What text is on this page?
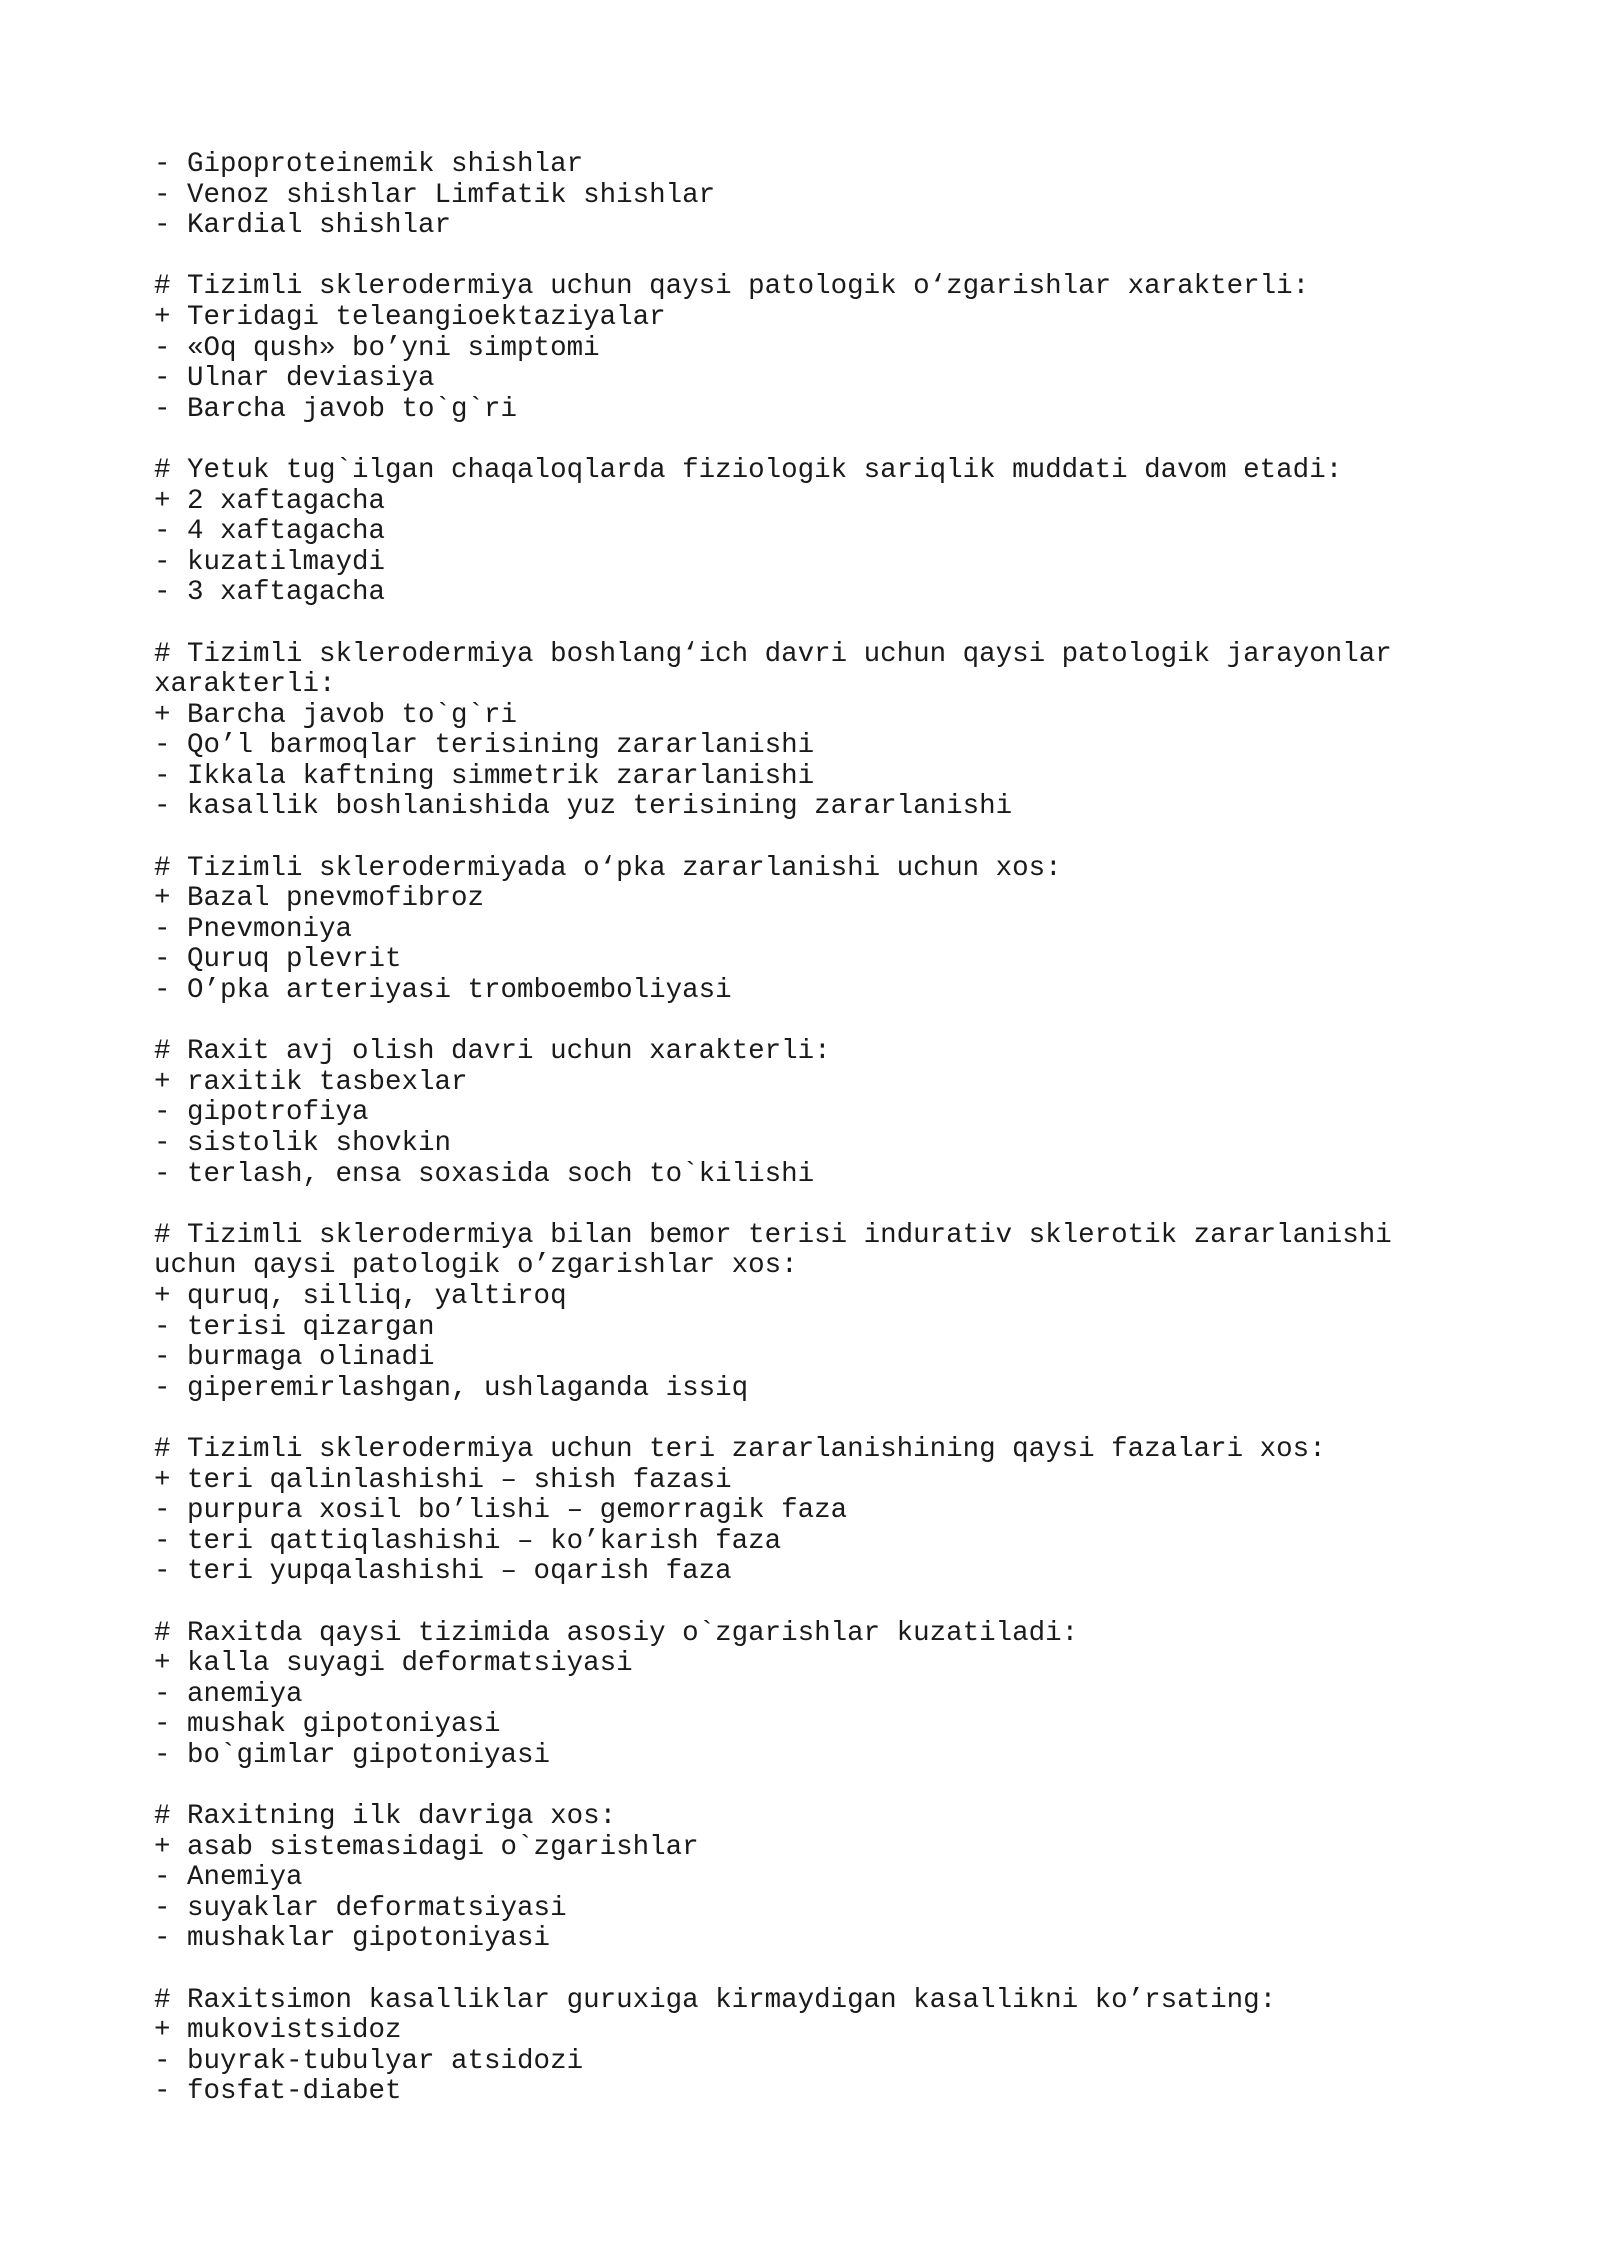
- Gipoproteinemik shishlar
- Venoz shishlar Limfatik shishlar
- Kardial shishlar
# Tizimli sklerodermiya uchun qaysi patologik o‘zgarishlar xarakterli:
+ Teridagi teleangioektaziyalar
- «Oq qush» bo’yni simptomi
- Ulnar deviasiya
- Barcha javob to`g`ri
# Yetuk tug`ilgan chaqaloqlarda fiziologik sariqlik muddati davom etadi:
+ 2 xaftagacha
- 4 xaftagacha
- kuzatilmaydi
- 3 xaftagacha
# Tizimli sklerodermiya boshlang‘ich davri uchun qaysi patologik jarayonlar
xarakterli:
+ Barcha javob to`g`ri
- Qo’l barmoqlar terisining zararlanishi
- Ikkala kaftning simmetrik zararlanishi
- kasallik boshlanishida yuz terisining zararlanishi
# Tizimli sklerodermiyada o‘pka zararlanishi uchun xos:
+ Bazal pnevmofibroz
- Pnevmoniya
- Quruq plevrit
- O’pka arteriyasi tromboemboliyasi
# Raxit avj olish davri uchun xarakterli:
+ raxitik tasbexlar
- gipotrofiya
- sistolik shovkin
- terlash, ensa soxasida soch to`kilishi
# Tizimli sklerodermiya bilan bemor terisi indurativ sklerotik zararlanishi
uchun qaysi patologik o’zgarishlar xos:
+ quruq, silliq, yaltiroq
- terisi qizargan
- burmaga olinadi
- giperemirlashgan, ushlaganda issiq
# Tizimli sklerodermiya uchun teri zararlanishining qaysi fazalari xos:
+ teri qalinlashishi – shish fazasi
- purpura xosil bo’lishi – gemorragik faza
- teri qattiqlashishi – ko’karish faza
- teri yupqalashishi – oqarish faza
# Raxitda qaysi tizimida asosiy o`zgarishlar kuzatiladi:
+ kalla suyagi deformatsiyasi
- anemiya
- mushak gipotoniyasi
- bo`gimlar gipotoniyasi
# Raxitning ilk davriga xos:
+ asab sistemasidagi o`zgarishlar
- Anemiya
- suyaklar deformatsiyasi
- mushaklar gipotoniyasi
# Raxitsimon kasalliklar guruxiga kirmaydigan kasallikni ko’rsating:
+ mukovistsidoz
- buyrak-tubulyar atsidozi
- fosfat-diabet
